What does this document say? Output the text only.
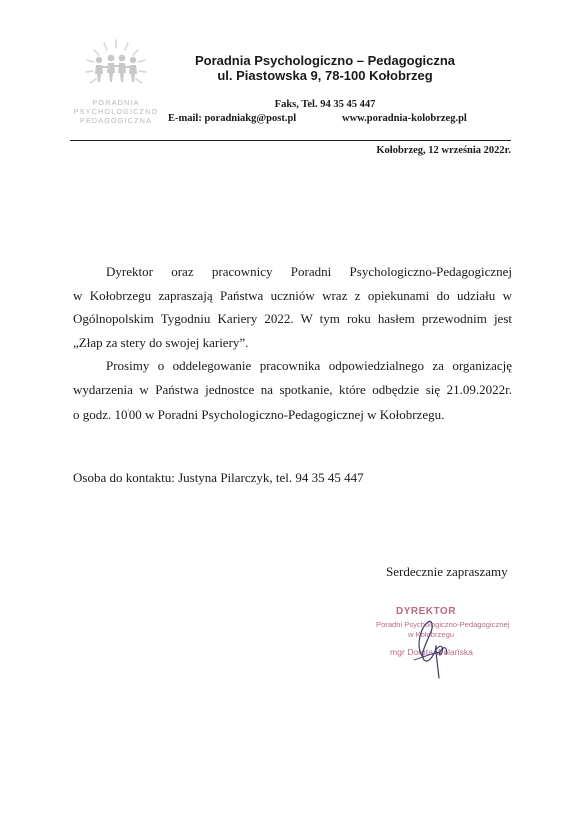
PORADNIA
PSYCHOLOGICZNO
PEDAGOGICZNA
Poradnia Psychologiczno – Pedagogiczna
ul. Piastowska 9, 78-100 Kołobrzeg
Faks, Tel. 94 35 45 447
E-mail: poradniakg@post.pl	www.poradnia-kolobrzeg.pl
Kołobrzeg, 12 września 2022r.
Dyrektor oraz pracownicy Poradni Psychologiczno-Pedagogicznej
w Kołobrzegu zapraszają Państwa uczniów wraz z opiekunami do udziału w
Ogólnopolskim Tygodniu Kariery 2022. W tym roku hasłem przewodnim jest
„Złap za stery do swojej kariery”.
Prosimy o oddelegowanie pracownika odpowiedzialnego za organizację
wydarzenia w Państwa jednostce na spotkanie, które odbędzie się 21.09.2022r.
o godz. $10^{^i}00$ w Poradni Psychologiczno-Pedagogicznej w Kołobrzegu.
Osoba do kontaktu: Justyna Pilarczyk, tel. 94 35 45 447
Serdecznie zapraszamy
DYREKTOR
Poradni Psychologiczno-Pedagogicznej
w Kołobrzegu
mgr Dorota Wolańska
